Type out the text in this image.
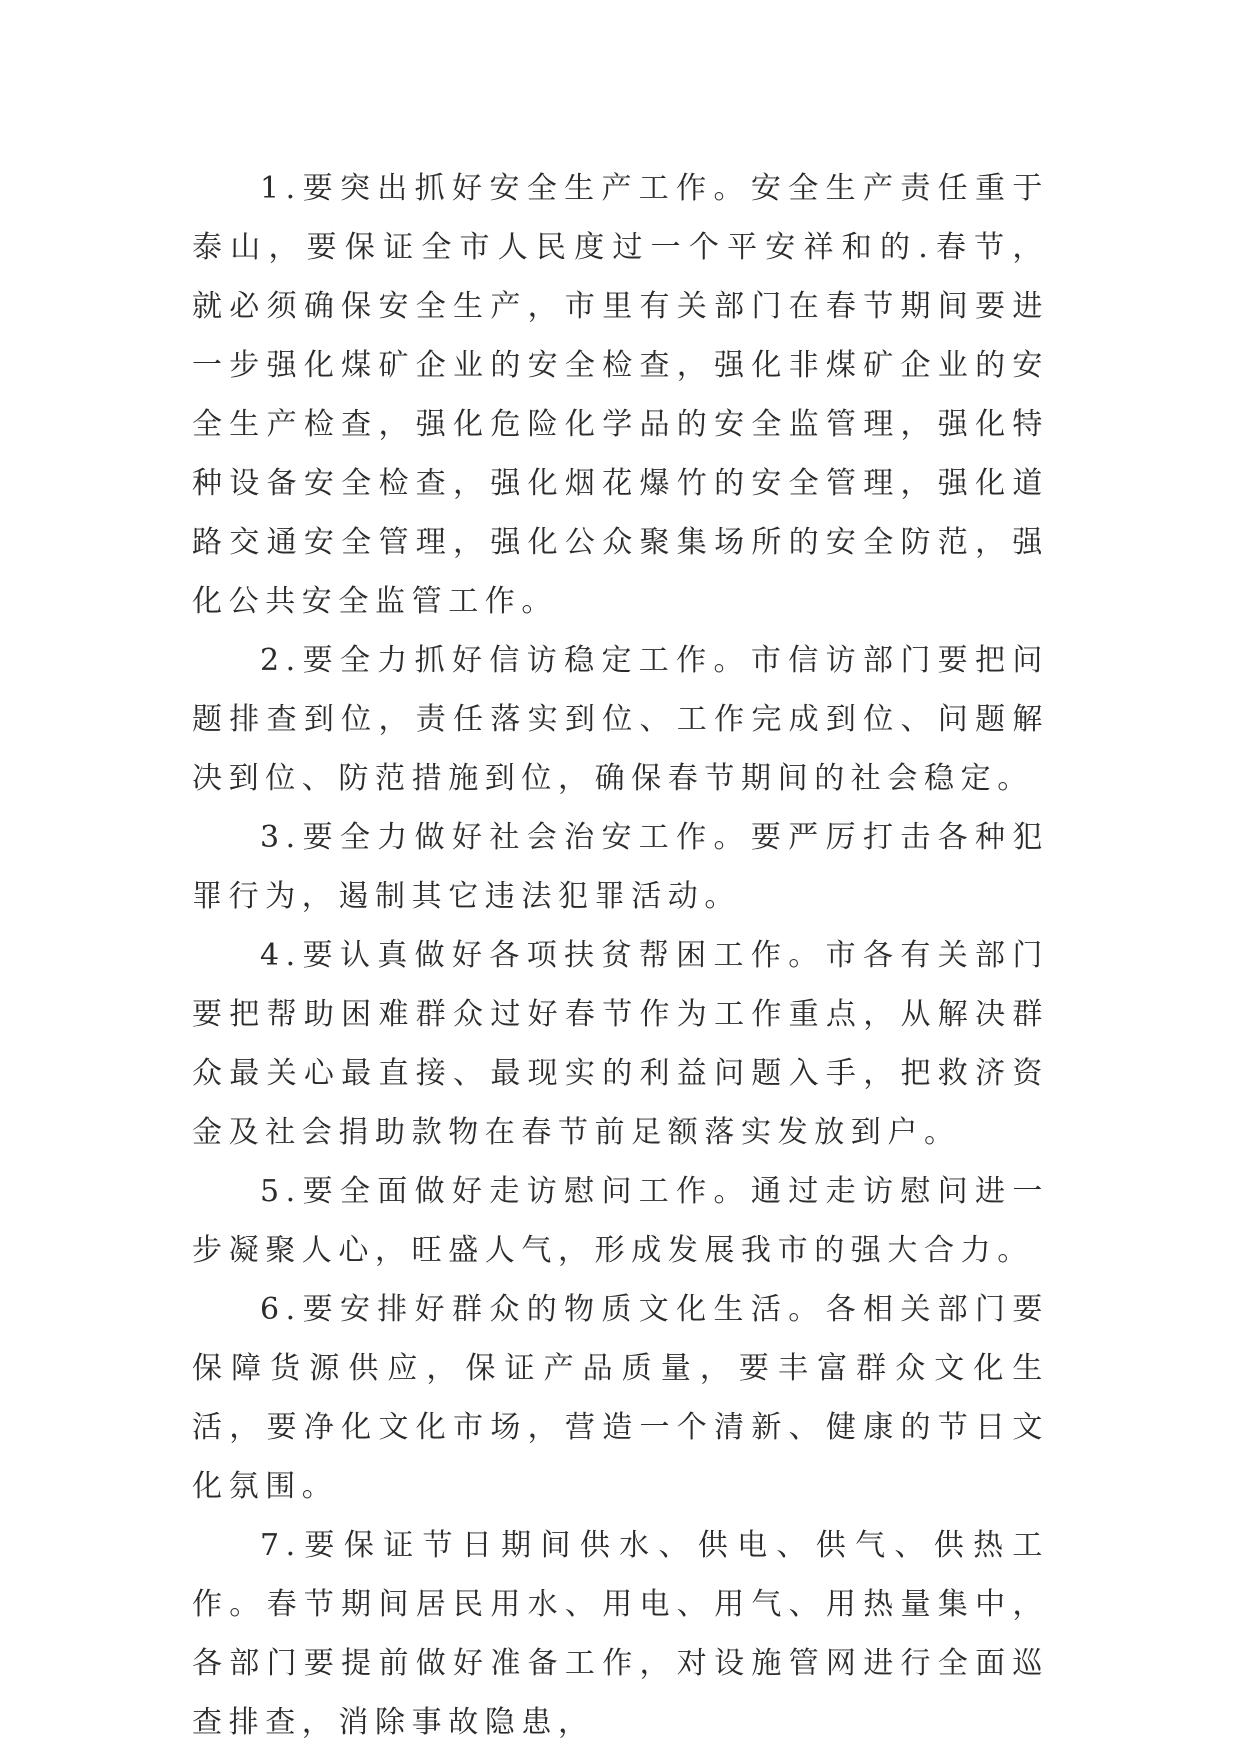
1.要突出抓好安全生产工作。安全生产责任重于泰山，要保证全市人民度过一个平安祥和的.春节，就必须确保安全生产，市里有关部门在春节期间要进一步强化煤矿企业的安全检查，强化非煤矿企业的安全生产检查，强化危险化学品的安全监管理，强化特种设备安全检查，强化烟花爆竹的安全管理，强化道路交通安全管理，强化公众聚集场所的安全防范，强化公共安全监管工作。

2.要全力抓好信访稳定工作。市信访部门要把问题排查到位，责任落实到位、工作完成到位、问题解决到位、防范措施到位，确保春节期间的社会稳定。

3.要全力做好社会治安工作。要严厉打击各种犯罪行为，遏制其它违法犯罪活动。

4.要认真做好各项扶贫帮困工作。市各有关部门要把帮助困难群众过好春节作为工作重点，从解决群众最关心最直接、最现实的利益问题入手，把救济资金及社会捐助款物在春节前足额落实发放到户。

5.要全面做好走访慰问工作。通过走访慰问进一步凝聚人心，旺盛人气，形成发展我市的强大合力。

6.要安排好群众的物质文化生活。各相关部门要保障货源供应，保证产品质量，要丰富群众文化生活，要净化文化市场，营造一个清新、健康的节日文化氛围。

7.要保证节日期间供水、供电、供气、供热工作。春节期间居民用水、用电、用气、用热量集中，各部门要提前做好准备工作，对设施管网进行全面巡查排查，消除事故隐患，
